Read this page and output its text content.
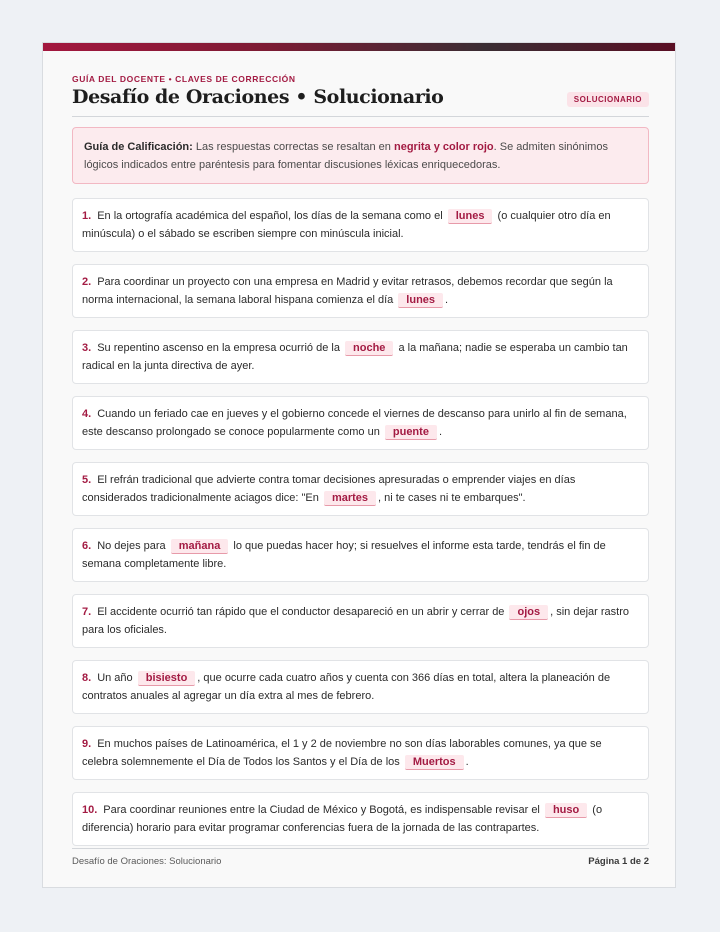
GUÍA DEL DOCENTE • CLAVES DE CORRECCIÓN
Desafío de Oraciones • Solucionario	SOLUCIONARIO
Guía de Calificación: Las respuestas correctas se resaltan en negrita y color rojo. Se admiten sinónimos lógicos indicados entre paréntesis para fomentar discusiones léxicas enriquecedoras.
1. En la ortografía académica del español, los días de la semana como el lunes (o cualquier otro día en minúscula) o el sábado se escriben siempre con minúscula inicial.
2. Para coordinar un proyecto con una empresa en Madrid y evitar retrasos, debemos recordar que según la norma internacional, la semana laboral hispana comienza el día lunes .
3. Su repentino ascenso en la empresa ocurrió de la noche a la mañana; nadie se esperaba un cambio tan radical en la junta directiva de ayer.
4. Cuando un feriado cae en jueves y el gobierno concede el viernes de descanso para unirlo al fin de semana, este descanso prolongado se conoce popularmente como un puente .
5. El refrán tradicional que advierte contra tomar decisiones apresuradas o emprender viajes en días considerados tradicionalmente aciagos dice: "En martes , ni te cases ni te embarques".
6. No dejes para mañana lo que puedas hacer hoy; si resuelves el informe esta tarde, tendrás el fin de semana completamente libre.
7. El accidente ocurrió tan rápido que el conductor desapareció en un abrir y cerrar de ojos , sin dejar rastro para los oficiales.
8. Un año bisiesto , que ocurre cada cuatro años y cuenta con 366 días en total, altera la planeación de contratos anuales al agregar un día extra al mes de febrero.
9. En muchos países de Latinoamérica, el 1 y 2 de noviembre no son días laborables comunes, ya que se celebra solemnemente el Día de Todos los Santos y el Día de los Muertos .
10. Para coordinar reuniones entre la Ciudad de México y Bogotá, es indispensable revisar el huso (o diferencia) horario para evitar programar conferencias fuera de la jornada de las contrapartes.
Desafío de Oraciones: Solucionario	Página 1 de 2
